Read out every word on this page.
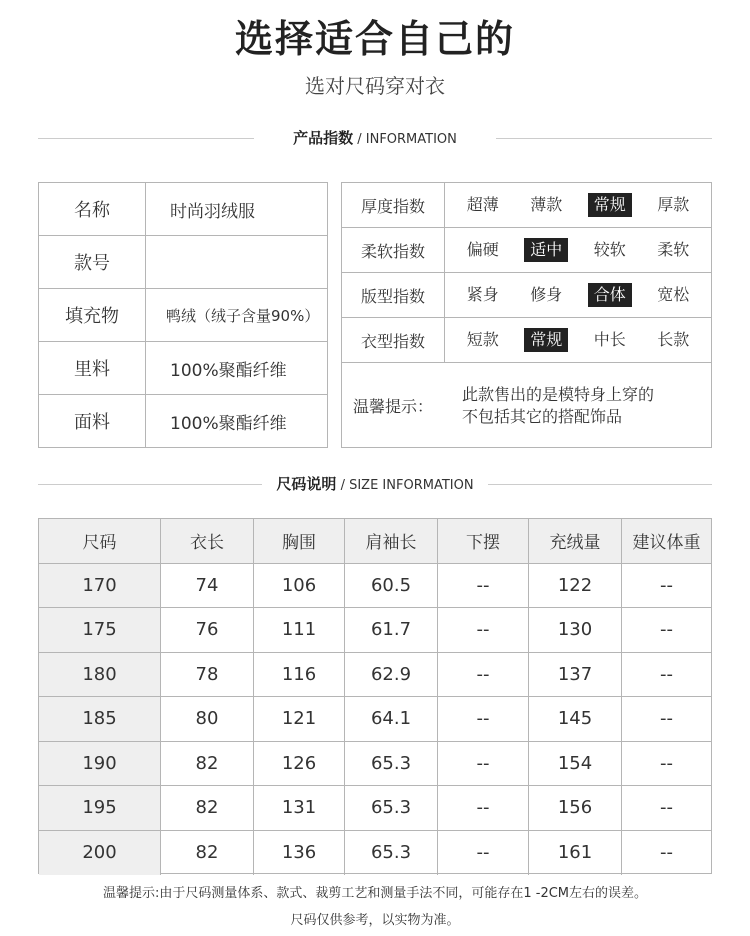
选择适合自己的
选对尺码穿对衣
产品指数 / INFORMATION
名称	时尚羽绒服
款号
填充物	鸭绒（绒子含量90%）
里料	100%聚酯纤维
面料	100%聚酯纤维
厚度指数	超薄	薄款	常规	厚款
柔软指数	偏硬	适中	较软	柔软
版型指数	紧身	修身	合体	宽松
衣型指数	短款	常规	中长	长款
温馨提示：
此款售出的是模特身上穿的
不包括其它的搭配饰品
尺码说明 / SIZE INFORMATION
尺码	衣长	胸围	肩袖长	下摆	充绒量	建议体重
170	74	106	60.5	--	122	--
175	76	111	61.7	--	130	--
180	78	116	62.9	--	137	--
185	80	121	64.1	--	145	--
190	82	126	65.3	--	154	--
195	82	131	65.3	--	156	--
200	82	136	65.3	--	161	--
温馨提示:由于尺码测量体系、款式、裁剪工艺和测量手法不同，可能存在1 -2CM左右的误差。
尺码仅供参考，以实物为准。
